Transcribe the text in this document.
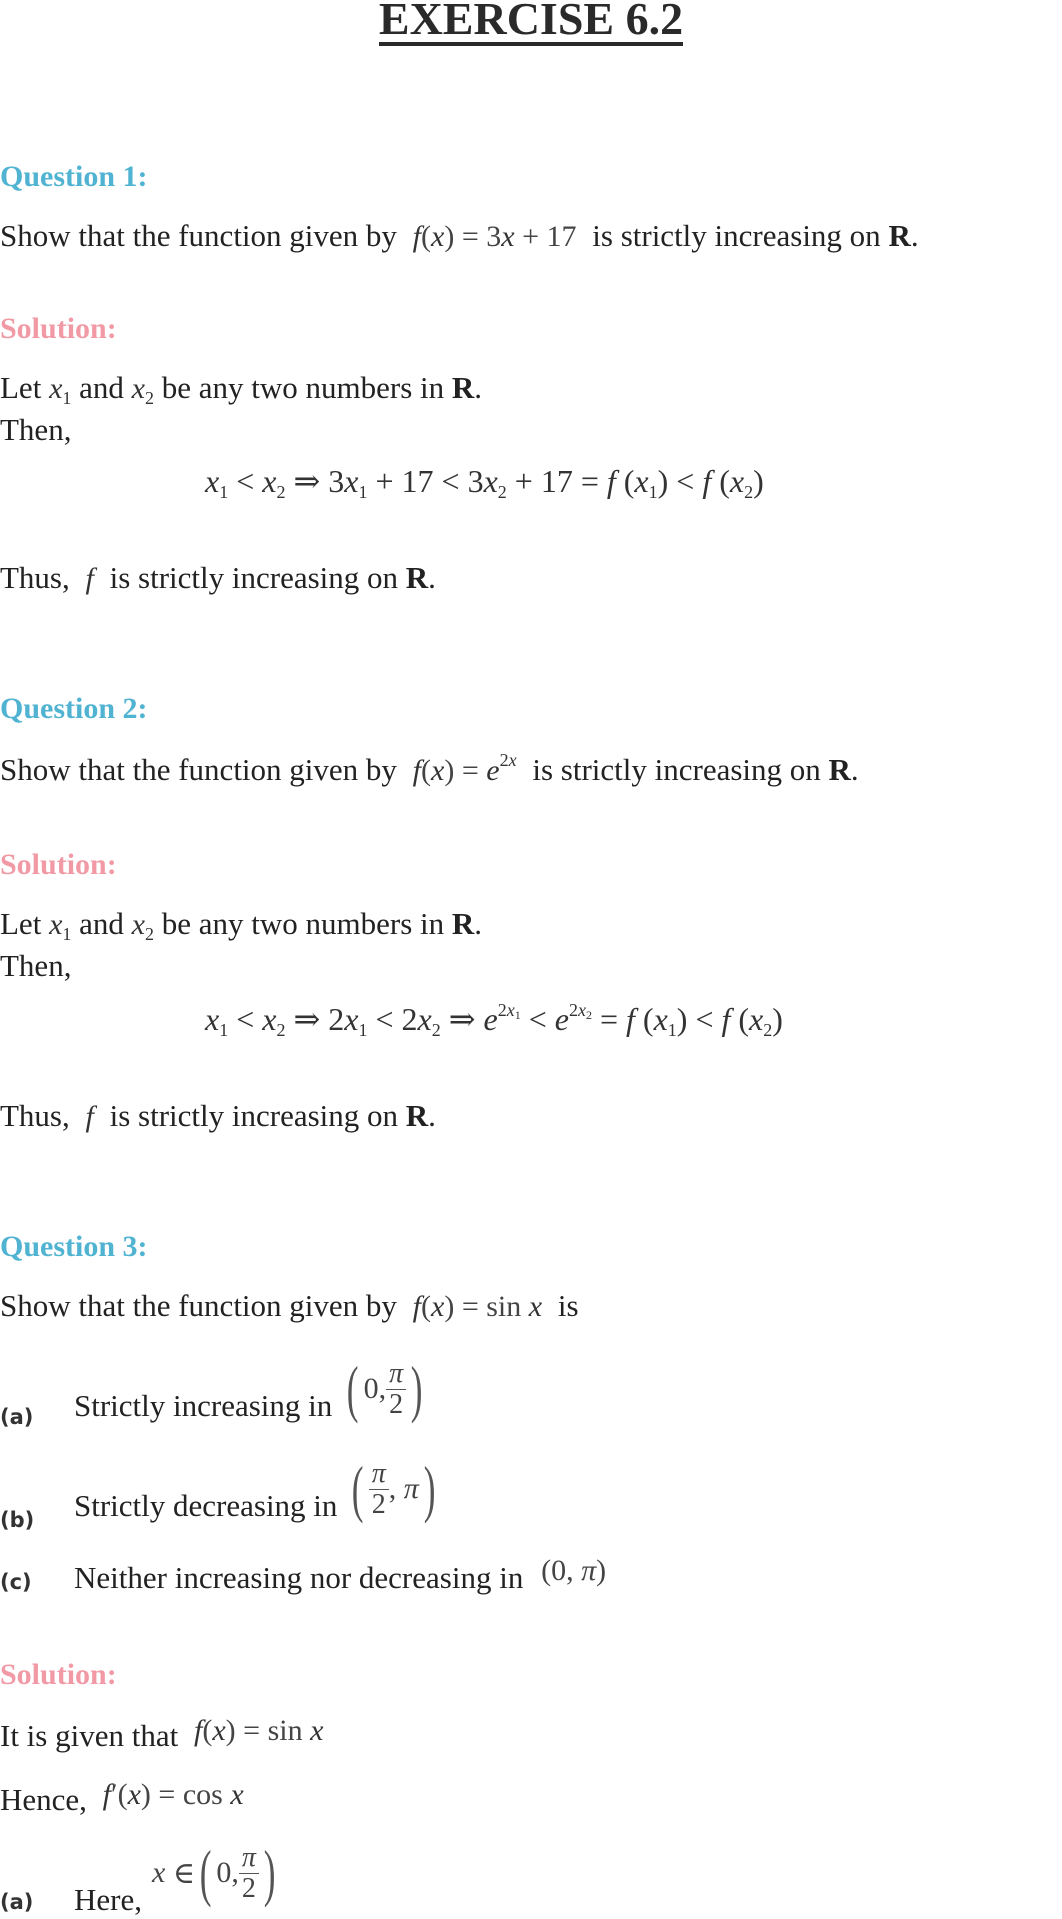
EXERCISE 6.2
Question 1:
Show that the function given by f(x) = 3x + 17 is strictly increasing on R.
Solution:
Let $x_1$ and $x_2$ be any two numbers in R.
Then,
$x_1 < x_2$ ⇒ $3x_1 + 17 < 3x_2 + 17 = f$ $(x_1) < f$ $(x_2)$
Thus, f is strictly increasing on R.
Question 2:
Show that the function given by $f(x) = e^{2x}$ is strictly increasing on R.
Solution:
Let $x_1$ and $x_2$ be any two numbers in R.
Then,
$x_1 < x_2$ ⇒ $2x_1 < 2x_2$ ⇒ $e^{2x1} < e^{2x2} = f$ $(x_1) < f$ $(x_2)$
Thus, f is strictly increasing on R.
Question 3:
Show that the function given by f(x) = sin x is
(a) Strictly increasing in ( 0, $\frac{\pi}{2}$ )
(b) Strictly decreasing in ( $\frac{\pi}{2}$ , π )
(c) Neither increasing nor decreasing in (0, π)
Solution:
It is given that f(x) = sin x
Hence, f′(x) = cos x
(a) Here,
x ∈ ( 0, $\frac{\pi}{2}$ )
